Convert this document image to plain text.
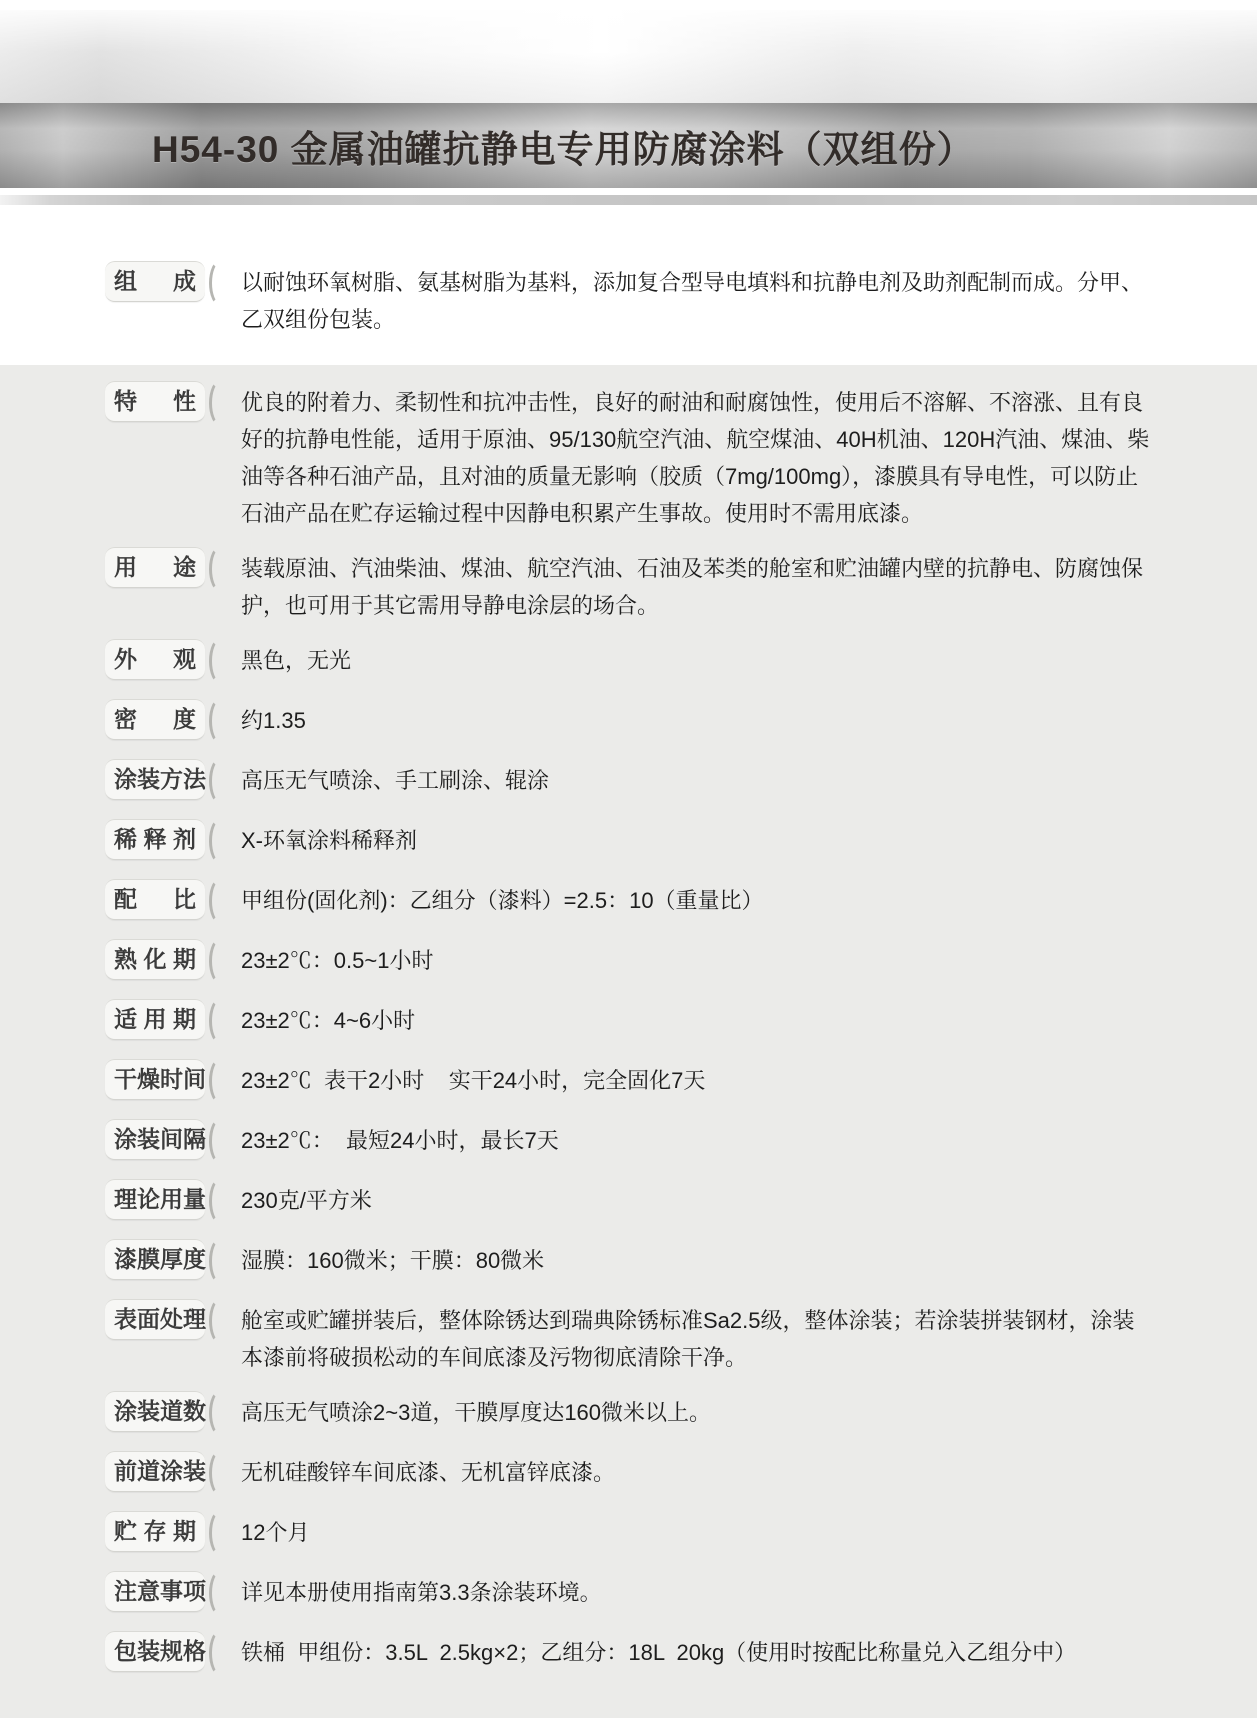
H54-30 金属油罐抗静电专用防腐涂料（双组份）
组成 以耐蚀环氧树脂、氨基树脂为基料，添加复合型导电填料和抗静电剂及助剂配制而成。分甲、乙双组份包装。
特性 优良的附着力、柔韧性和抗冲击性，良好的耐油和耐腐蚀性，使用后不溶解、不溶涨、且有良好的抗静电性能，适用于原油、95/130航空汽油、航空煤油、40H机油、120H汽油、煤油、柴油等各种石油产品，且对油的质量无影响（胶质（7mg/100mg），漆膜具有导电性，可以防止石油产品在贮存运输过程中因静电积累产生事故。使用时不需用底漆。
用途 装载原油、汽油柴油、煤油、航空汽油、石油及苯类的舱室和贮油罐内壁的抗静电、防腐蚀保护，也可用于其它需用导静电涂层的场合。
外观 黑色，无光
密度 约1.35
涂装方法 高压无气喷涂、手工刷涂、辊涂
稀释剂 X-环氧涂料稀释剂
配比 甲组份(固化剂)：乙组分（漆料）=2.5：10（重量比）
熟化期 23±2℃：0.5~1小时
适用期 23±2℃：4~6小时
干燥时间 23±2℃  表干2小时    实干24小时，完全固化7天
涂装间隔 23±2℃：  最短24小时，最长7天
理论用量 230克/平方米
漆膜厚度 湿膜：160微米；干膜：80微米
表面处理 舱室或贮罐拼装后，整体除锈达到瑞典除锈标准Sa2.5级，整体涂装；若涂装拼装钢材，涂装本漆前将破损松动的车间底漆及污物彻底清除干净。
涂装道数 高压无气喷涂2~3道，干膜厚度达160微米以上。
前道涂装 无机硅酸锌车间底漆、无机富锌底漆。
贮存期 12个月
注意事项 详见本册使用指南第3.3条涂装环境。
包装规格 铁桶  甲组份：3.5L  2.5kg×2；乙组分：18L  20kg（使用时按配比称量兑入乙组分中）
